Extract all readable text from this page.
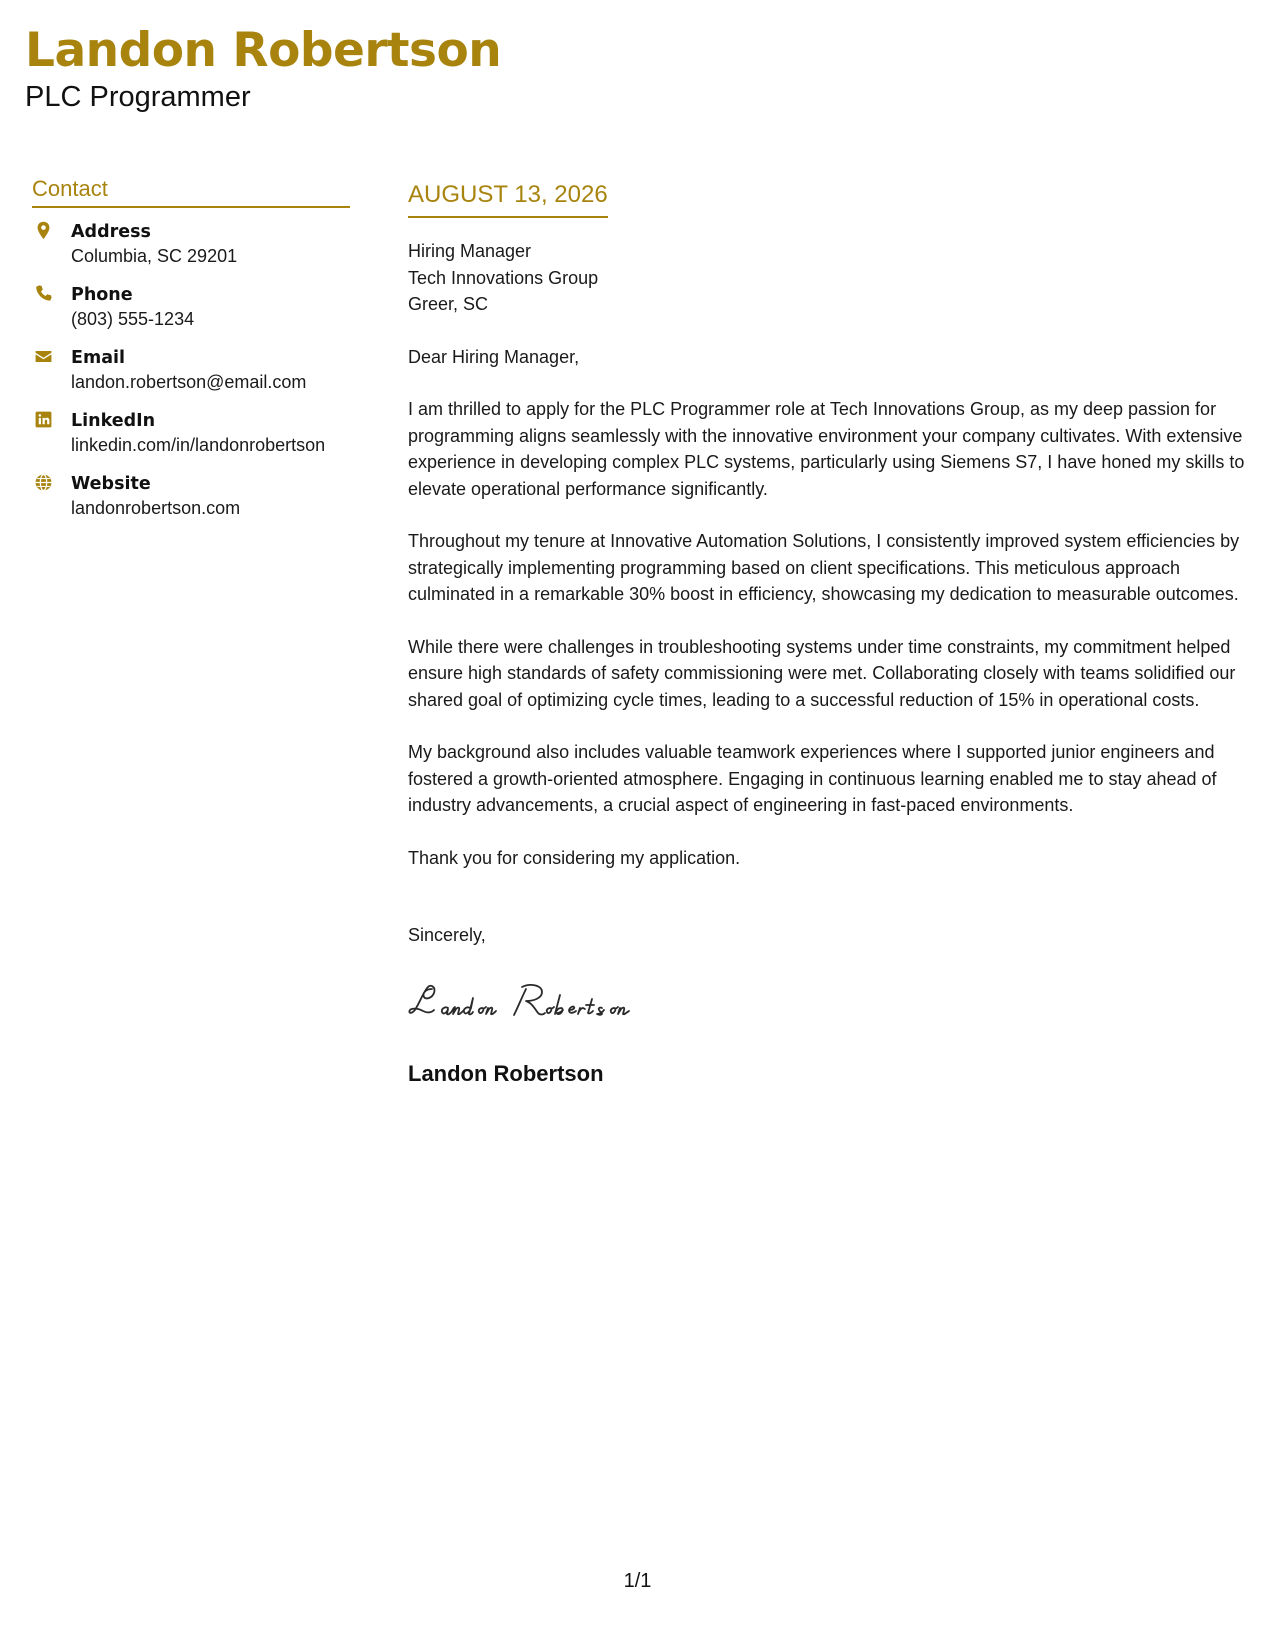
Landon Robertson
PLC Programmer
Contact
Address
Columbia, SC 29201
Phone
(803) 555-1234
Email
landon.robertson@email.com
LinkedIn
linkedin.com/in/landonrobertson
Website
landonrobertson.com
AUGUST 13, 2026
Hiring Manager
Tech Innovations Group
Greer, SC
Dear Hiring Manager,
I am thrilled to apply for the PLC Programmer role at Tech Innovations Group, as my deep passion for programming aligns seamlessly with the innovative environment your company cultivates. With extensive experience in developing complex PLC systems, particularly using Siemens S7, I have honed my skills to elevate operational performance significantly.
Throughout my tenure at Innovative Automation Solutions, I consistently improved system efficiencies by strategically implementing programming based on client specifications. This meticulous approach culminated in a remarkable 30% boost in efficiency, showcasing my dedication to measurable outcomes.
While there were challenges in troubleshooting systems under time constraints, my commitment helped ensure high standards of safety commissioning were met. Collaborating closely with teams solidified our shared goal of optimizing cycle times, leading to a successful reduction of 15% in operational costs.
My background also includes valuable teamwork experiences where I supported junior engineers and fostered a growth-oriented atmosphere. Engaging in continuous learning enabled me to stay ahead of industry advancements, a crucial aspect of engineering in fast-paced environments.
Thank you for considering my application.
Sincerely,
Landon Robertson
1/1
